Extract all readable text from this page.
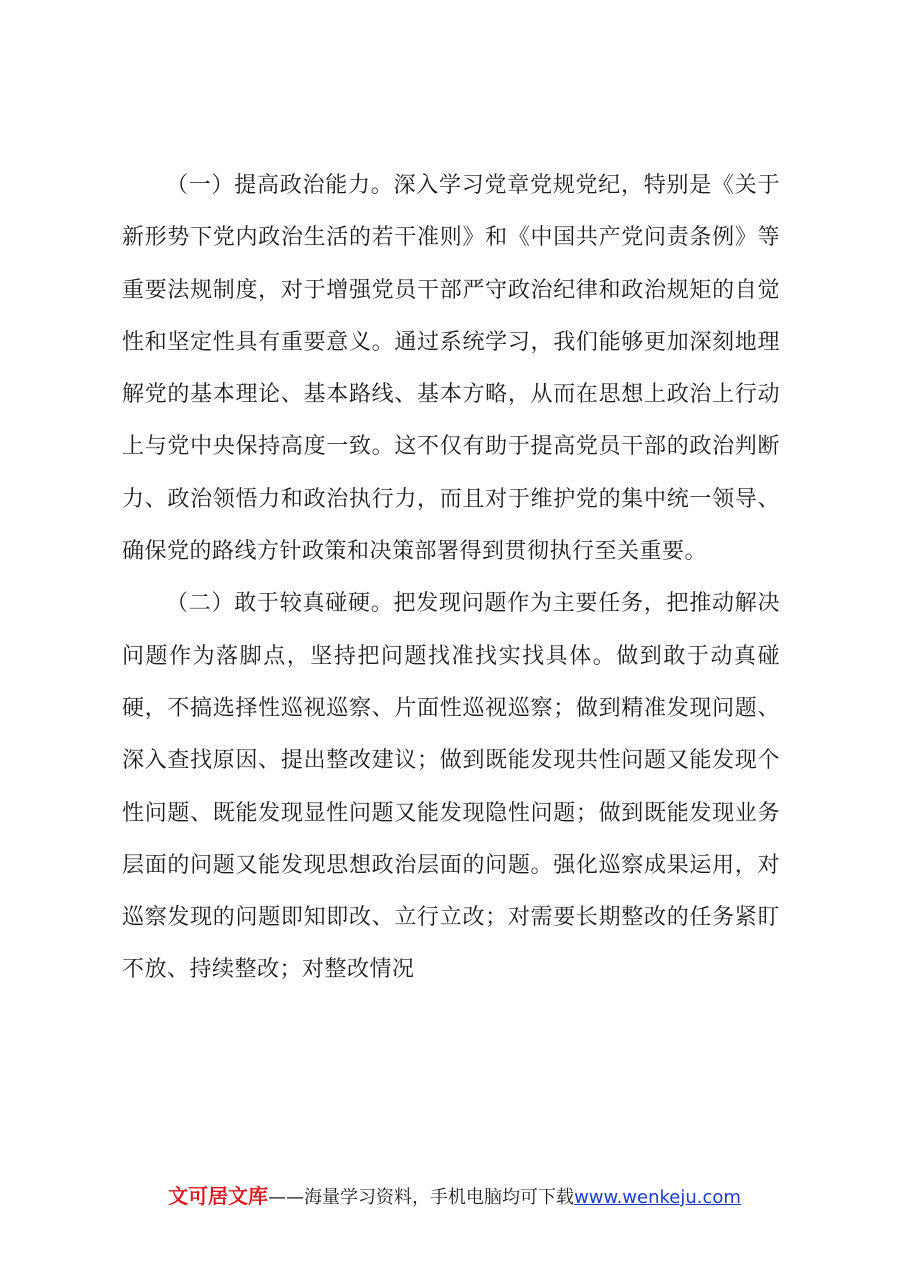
（一）提高政治能力。深入学习党章党规党纪，特别是《关于新形势下党内政治生活的若干准则》和《中国共产党问责条例》等重要法规制度，对于增强党员干部严守政治纪律和政治规矩的自觉性和坚定性具有重要意义。通过系统学习，我们能够更加深刻地理解党的基本理论、基本路线、基本方略，从而在思想上政治上行动上与党中央保持高度一致。这不仅有助于提高党员干部的政治判断力、政治领悟力和政治执行力，而且对于维护党的集中统一领导、确保党的路线方针政策和决策部署得到贯彻执行至关重要。

（二）敢于较真碰硬。把发现问题作为主要任务，把推动解决问题作为落脚点，坚持把问题找准找实找具体。做到敢于动真碰硬，不搞选择性巡视巡察、片面性巡视巡察；做到精准发现问题、深入查找原因、提出整改建议；做到既能发现共性问题又能发现个性问题、既能发现显性问题又能发现隐性问题；做到既能发现业务层面的问题又能发现思想政治层面的问题。强化巡察成果运用，对巡察发现的问题即知即改、立行立改；对需要长期整改的任务紧盯不放、持续整改；对整改情况

文可居文库——海量学习资料，手机电脑均可下载www.wenkeju.com
